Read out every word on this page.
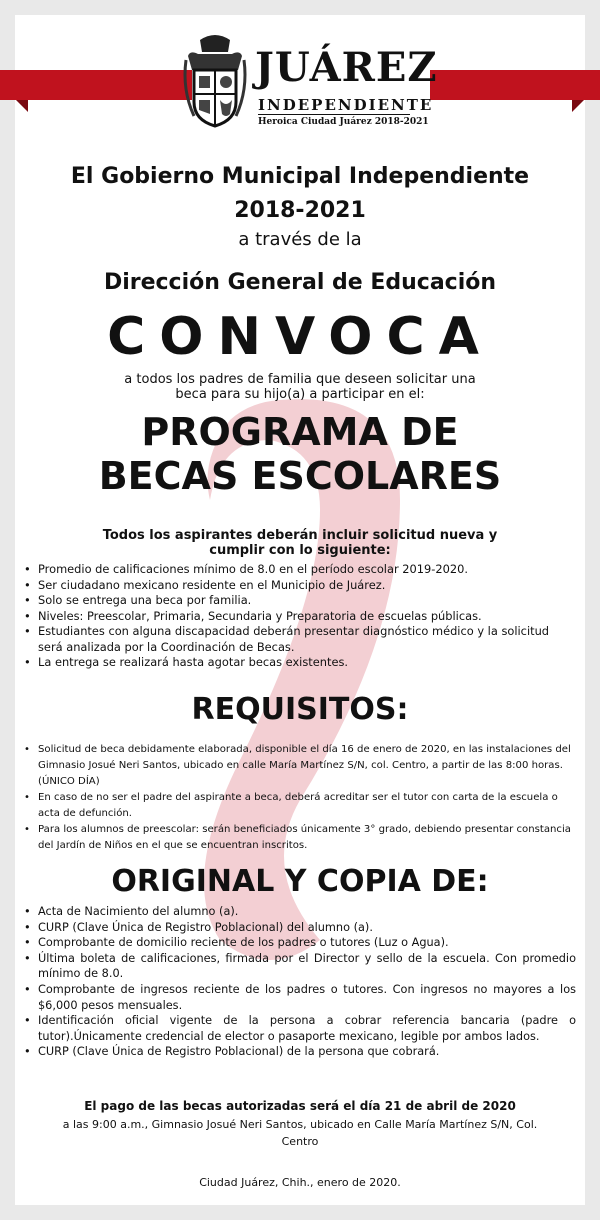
JUÁREZ
INDEPENDIENTE
Heroica Ciudad Juárez 2018-2021
El Gobierno Municipal Independiente
2018-2021
a través de la
Dirección General de Educación
CONVOCA
a todos los padres de familia que deseen solicitar una beca para su hijo(a) a participar en el:
PROGRAMA DE
BECAS ESCOLARES
Todos los aspirantes deberán incluir solicitud nueva y cumplir con lo siguiente:
• Promedio de calificaciones mínimo de 8.0 en el período escolar 2019-2020.
• Ser ciudadano mexicano residente en el Municipio de Juárez.
• Solo se entrega una beca por familia.
• Niveles: Preescolar, Primaria, Secundaria y Preparatoria de escuelas públicas.
• Estudiantes con alguna discapacidad deberán presentar diagnóstico médico y la solicitud será analizada por la Coordinación de Becas.
• La entrega se realizará hasta agotar becas existentes.
REQUISITOS:
• Solicitud de beca debidamente elaborada, disponible el día 16 de enero de 2020, en las instalaciones del Gimnasio Josué Neri Santos, ubicado en calle María Martínez S/N, col. Centro, a partir de las 8:00 horas. (ÚNICO DÍA)
• En caso de no ser el padre del aspirante a beca, deberá acreditar ser el tutor con carta de la escuela o acta de defunción.
• Para los alumnos de preescolar: serán beneficiados únicamente 3° grado, debiendo presentar constancia del Jardín de Niños en el que se encuentran inscritos.
ORIGINAL Y COPIA DE:
• Acta de Nacimiento del alumno (a).
• CURP (Clave Única de Registro Poblacional) del alumno (a).
• Comprobante de domicilio reciente de los padres o tutores (Luz o Agua).
• Última boleta de calificaciones, firmada por el Director y sello de la escuela. Con promedio mínimo de 8.0.
• Comprobante de ingresos reciente de los padres o tutores. Con ingresos no mayores a los $6,000 pesos mensuales.
• Identificación oficial vigente de la persona a cobrar referencia bancaria (padre o tutor).Únicamente credencial de elector o pasaporte mexicano, legible por ambos lados.
• CURP (Clave Única de Registro Poblacional) de la persona que cobrará.
El pago de las becas autorizadas será el día 21 de abril de 2020
a las 9:00 a.m., Gimnasio Josué Neri Santos, ubicado en Calle María Martínez S/N, Col. Centro
Ciudad Juárez, Chih., enero de 2020.
